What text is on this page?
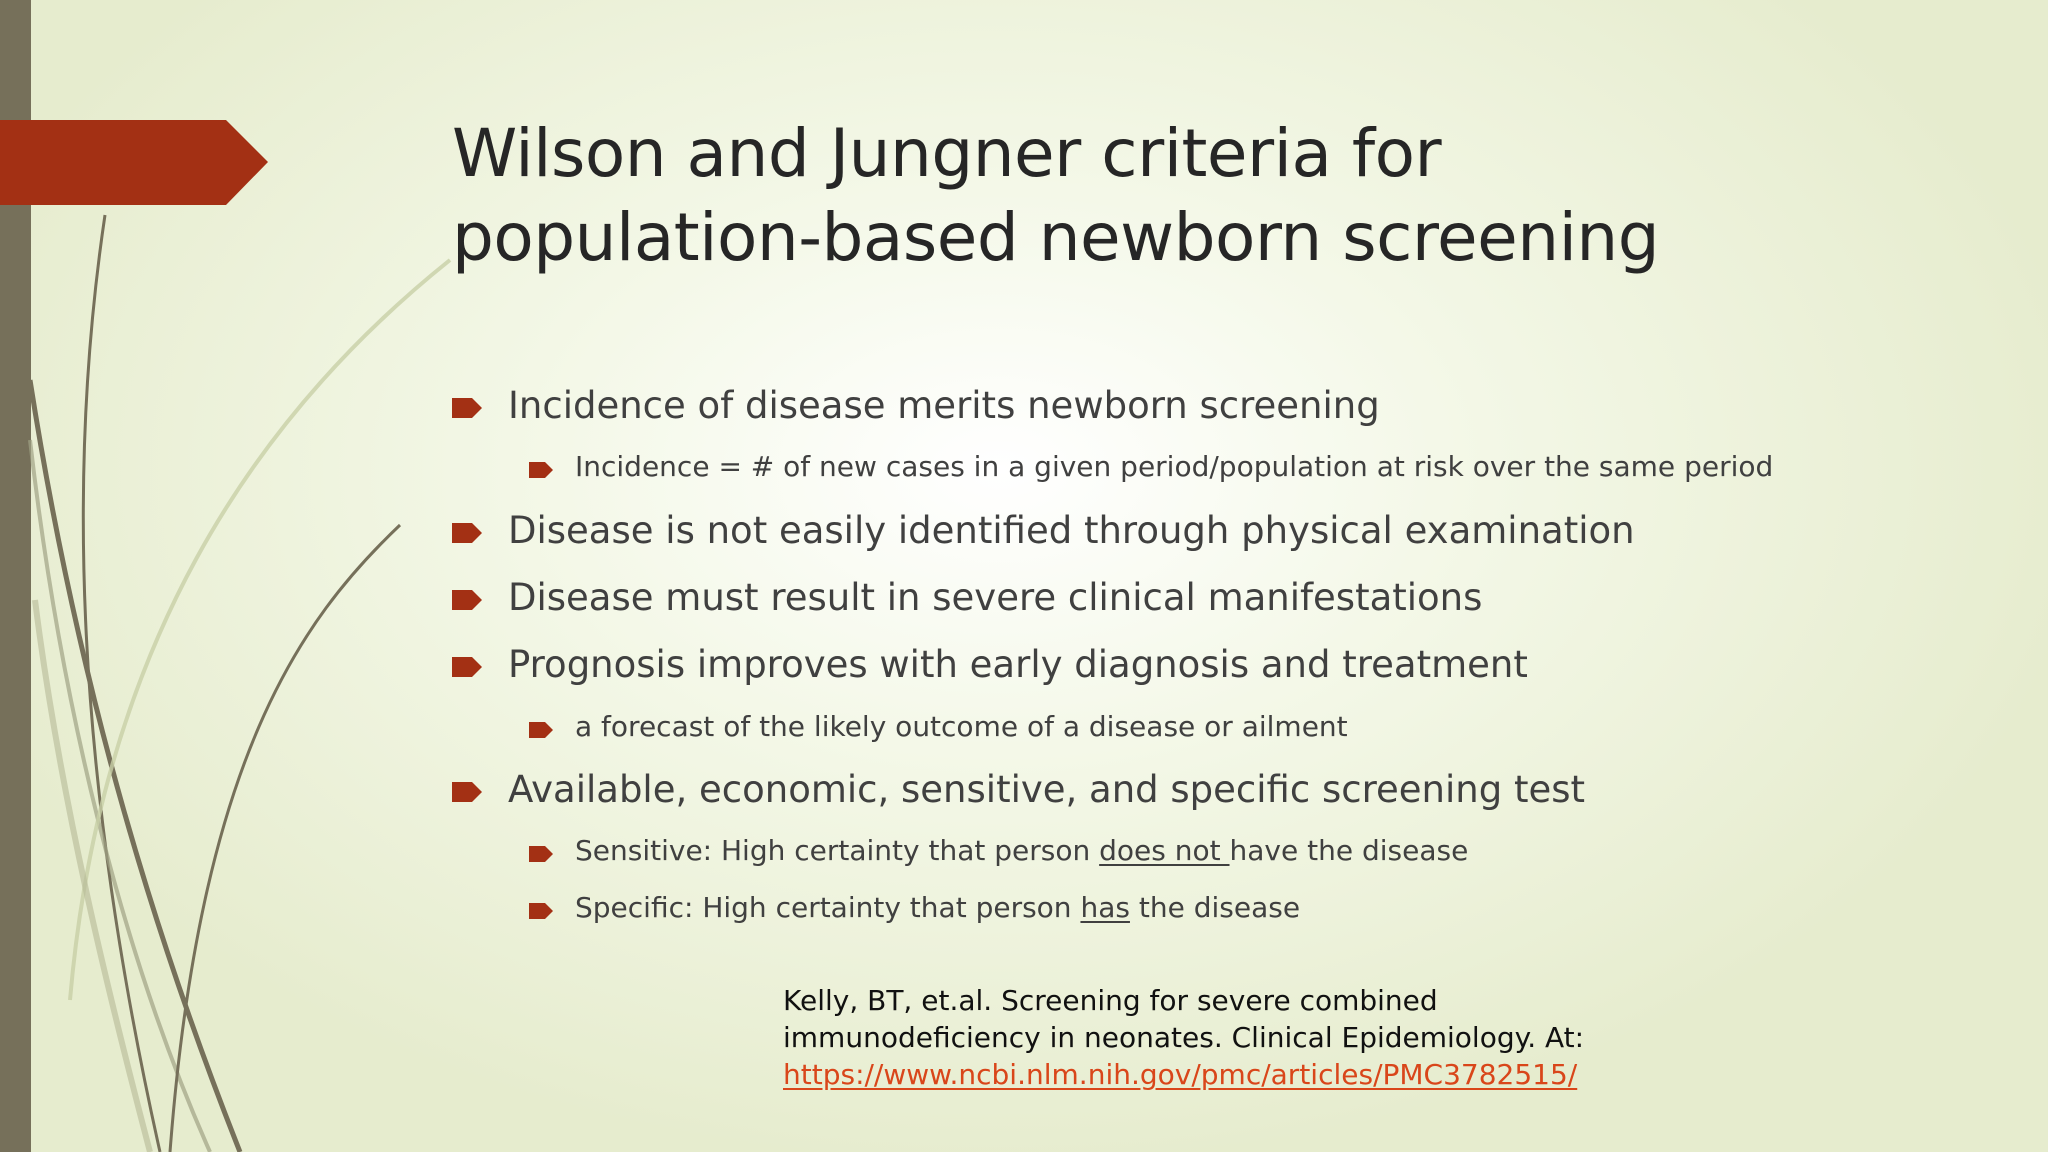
Wilson and Jungner criteria for
population-based newborn screening
Incidence of disease merits newborn screening
Incidence = # of new cases in a given period/population at risk over the same period
Disease is not easily identified through physical examination
Disease must result in severe clinical manifestations
Prognosis improves with early diagnosis and treatment
a forecast of the likely outcome of a disease or ailment
Available, economic, sensitive, and specific screening test
Sensitive: High certainty that person does not have the disease
Specific: High certainty that person has the disease
Kelly, BT, et.al. Screening for severe combined
immunodeficiency in neonates. Clinical Epidemiology. At:
https://www.ncbi.nlm.nih.gov/pmc/articles/PMC3782515/
